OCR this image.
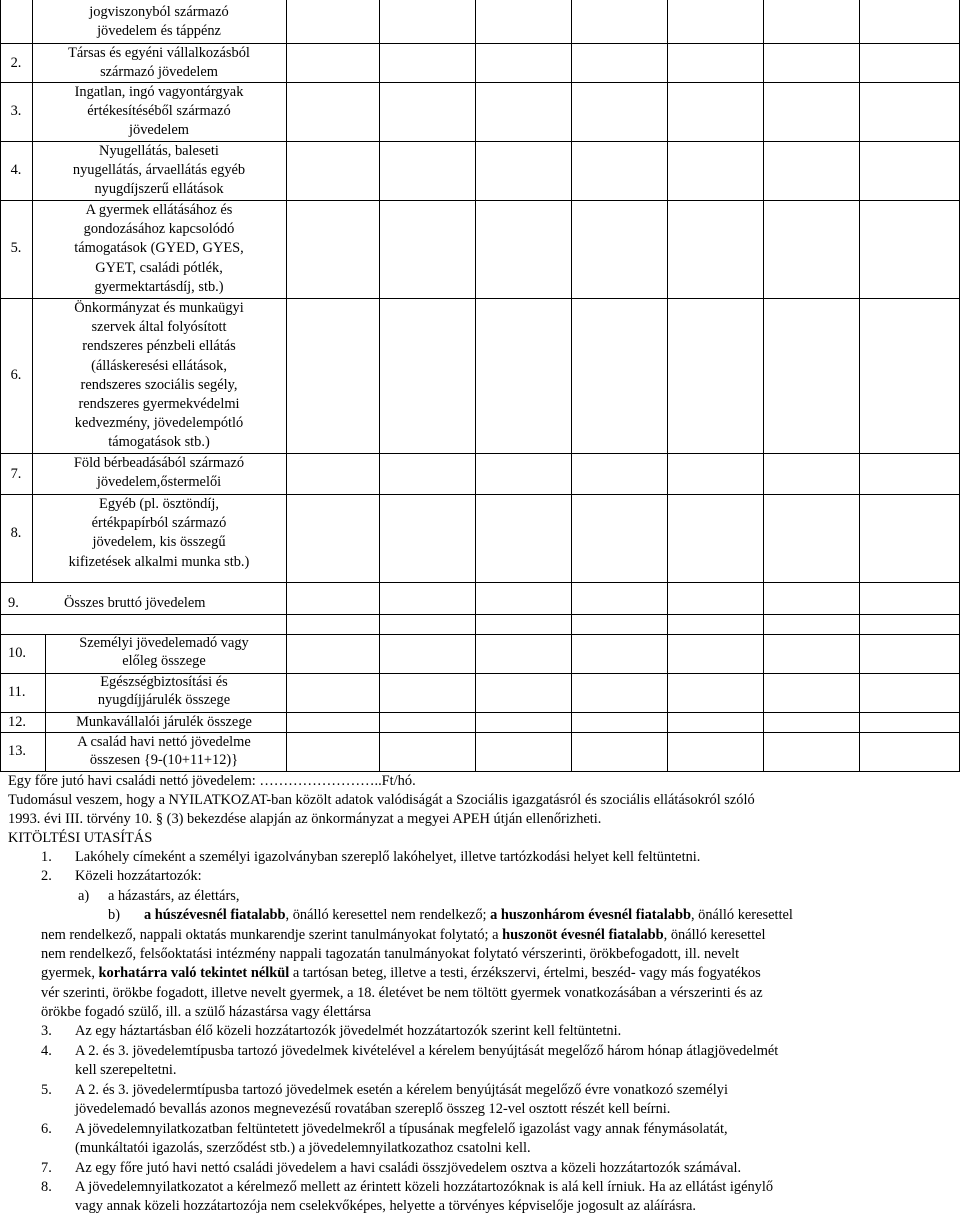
jogviszonyból származó
jövedelem és táppénz
2.
Társas és egyéni vállalkozásból
származó jövedelem
3.
Ingatlan, ingó vagyontárgyak
értékesítéséből származó
jövedelem
4.
Nyugellátás, baleseti
nyugellátás, árvaellátás egyéb
nyugdíjszerű ellátások
5.
A gyermek ellátásához és
gondozásához kapcsolódó
támogatások (GYED, GYES,
GYET, családi pótlék,
gyermektartásdíj, stb.)
6.
Önkormányzat és munkaügyi
szervek által folyósított
rendszeres pénzbeli ellátás
(álláskeresési ellátások,
rendszeres szociális segély,
rendszeres gyermekvédelmi
kedvezmény, jövedelempótló
támogatások stb.)
7.
Föld bérbeadásából származó
jövedelem,őstermelői
8.
Egyéb (pl. ösztöndíj,
értékpapírból származó
jövedelem, kis összegű
kifizetések alkalmi munka stb.)
9.	Összes bruttó jövedelem
10.
Személyi jövedelemadó vagy
előleg összege
11.
Egészségbiztosítási és
nyugdíjjárulék összege
12.	Munkavállalói járulék összege
13.
A család havi nettó jövedelme
összesen {9-(10+11+12)}
Egy főre jutó havi családi nettó jövedelem: ……………………..Ft/hó.
Tudomásul veszem, hogy a NYILATKOZAT-ban közölt adatok valódiságát a Szociális igazgatásról és szociális ellátásokról szóló
1993. évi III. törvény 10. § (3) bekezdése alapján az önkormányzat a megyei APEH útján ellenőrizheti.
KITÖLTÉSI UTASÍTÁS
1. Lakóhely címeként a személyi igazolványban szereplő lakóhelyet, illetve tartózkodási helyet kell feltüntetni.
2. Közeli hozzátartozók:
a) a házastárs, az élettárs,
b) a húszévesnél fiatalabb, önálló keresettel nem rendelkező; a huszonhárom évesnél fiatalabb, önálló keresettel
nem rendelkező, nappali oktatás munkarendje szerint tanulmányokat folytató; a huszonöt évesnél fiatalabb, önálló keresettel
nem rendelkező, felsőoktatási intézmény nappali tagozatán tanulmányokat folytató vérszerinti, örökbefogadott, ill. nevelt
gyermek, korhatárra való tekintet nélkül a tartósan beteg, illetve a testi, érzékszervi, értelmi, beszéd- vagy más fogyatékos
vér szerinti, örökbe fogadott, illetve nevelt gyermek, a 18. életévet be nem töltött gyermek vonatkozásában a vérszerinti és az
örökbe fogadó szülő, ill. a szülő házastársa vagy élettársa
3. Az egy háztartásban élő közeli hozzátartozók jövedelmét hozzátartozók szerint kell feltüntetni.
4. A 2. és 3. jövedelemtípusba tartozó jövedelmek kivételével a kérelem benyújtását megelőző három hónap átlagjövedelmét
kell szerepeltetni.
5. A 2. és 3. jövedelermtípusba tartozó jövedelmek esetén a kérelem benyújtását megelőző évre vonatkozó személyi
jövedelemadó bevallás azonos megnevezésű rovatában szereplő összeg 12-vel osztott részét kell beírni.
6. A jövedelemnyilatkozatban feltüntetett jövedelmekről a típusának megfelelő igazolást vagy annak fénymásolatát,
(munkáltatói igazolás, szerződést stb.) a jövedelemnyilatkozathoz csatolni kell.
7. Az egy főre jutó havi nettó családi jövedelem a havi családi összjövedelem osztva a közeli hozzátartozók számával.
8. A jövedelemnyilatkozatot a kérelmező mellett az érintett közeli hozzátartozóknak is alá kell írniuk. Ha az ellátást igénylő
vagy annak közeli hozzátartozója nem cselekvőképes, helyette a törvényes képviselője jogosult az aláírásra.
